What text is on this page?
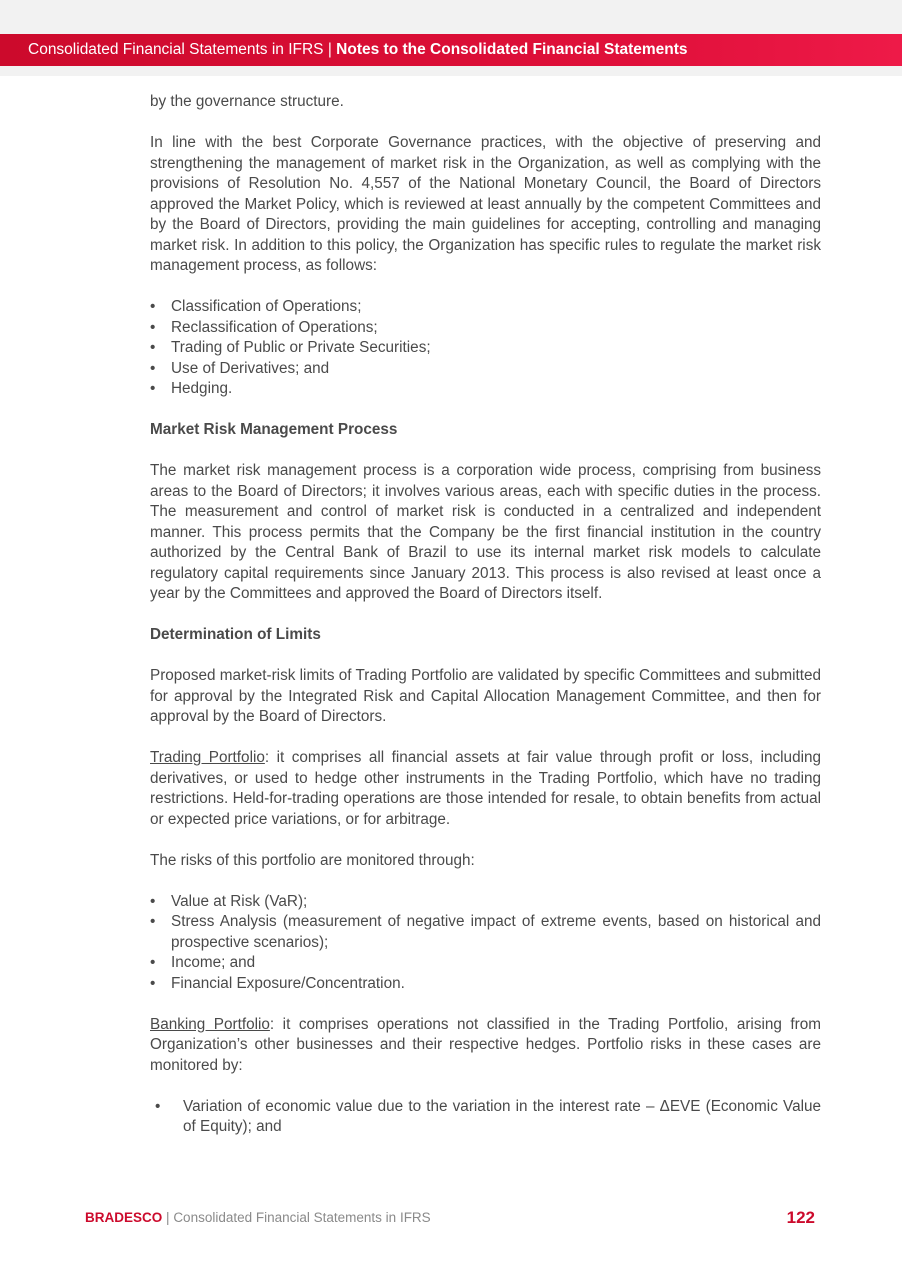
Consolidated Financial Statements in IFRS | Notes to the Consolidated Financial Statements

by the governance structure.

In line with the best Corporate Governance practices, with the objective of preserving and strengthening the management of market risk in the Organization, as well as complying with the provisions of Resolution No. 4,557 of the National Monetary Council, the Board of Directors approved the Market Policy, which is reviewed at least annually by the competent Committees and by the Board of Directors, providing the main guidelines for accepting, controlling and managing market risk. In addition to this policy, the Organization has specific rules to regulate the market risk management process, as follows:

• Classification of Operations;
• Reclassification of Operations;
• Trading of Public or Private Securities;
• Use of Derivatives; and
• Hedging.
Market Risk Management Process

The market risk management process is a corporation wide process, comprising from business areas to the Board of Directors; it involves various areas, each with specific duties in the process. The measurement and control of market risk is conducted in a centralized and independent manner. This process permits that the Company be the first financial institution in the country authorized by the Central Bank of Brazil to use its internal market risk models to calculate regulatory capital requirements since January 2013. This process is also revised at least once a year by the Committees and approved the Board of Directors itself.

Determination of Limits

Proposed market-risk limits of Trading Portfolio are validated by specific Committees and submitted for approval by the Integrated Risk and Capital Allocation Management Committee, and then for approval by the Board of Directors.

Trading Portfolio: it comprises all financial assets at fair value through profit or loss, including derivatives, or used to hedge other instruments in the Trading Portfolio, which have no trading restrictions. Held-for-trading operations are those intended for resale, to obtain benefits from actual or expected price variations, or for arbitrage.

The risks of this portfolio are monitored through:

• Value at Risk (VaR);
• Stress Analysis (measurement of negative impact of extreme events, based on historical and prospective scenarios);
• Income; and
• Financial Exposure/Concentration.

Banking Portfolio: it comprises operations not classified in the Trading Portfolio, arising from Organization’s other businesses and their respective hedges. Portfolio risks in these cases are monitored by:

• Variation of economic value due to the variation in the interest rate – ΔEVE (Economic Value of Equity); and
BRADESCO | Consolidated Financial Statements in IFRS	122
